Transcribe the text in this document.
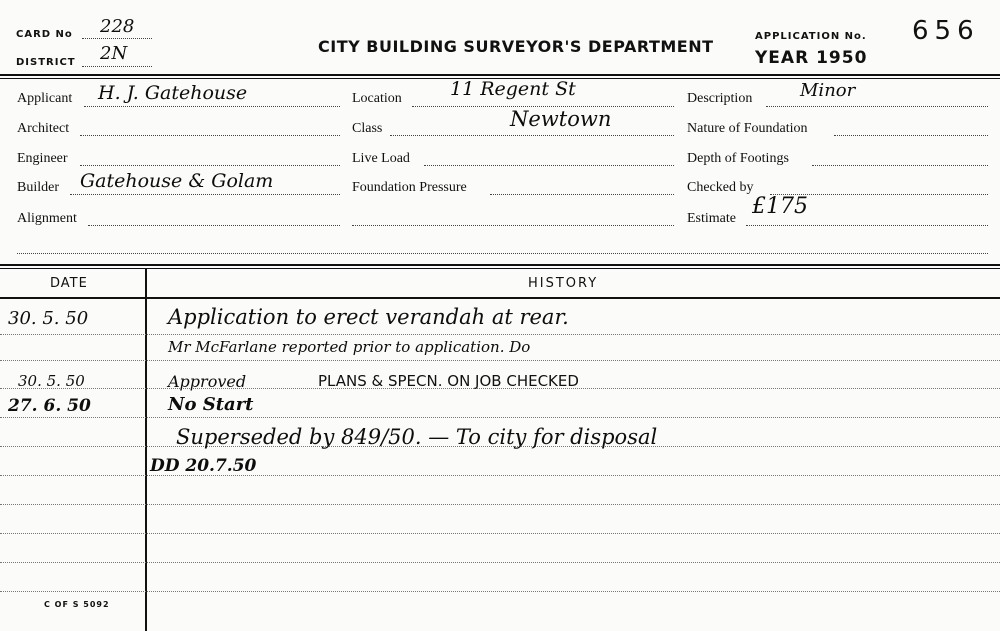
CARD No 228
DISTRICT 2N	CITY BUILDING SURVEYOR'S DEPARTMENT
APPLICATION No. 656
YEAR 1950
Applicant H. J. Gatehouse
Architect
Engineer
Builder Gatehouse & Golam
Alignment
Location	11 Regent St
Class	Newtown
Live Load
Foundation Pressure
Description	Minor
Nature of Foundation
Depth of Footings
Checked by
Estimate £175
DATE	HISTORY
30. 5. 50	Application to erect verandah at rear.
Mr McFarlane reported prior to application. Do
30. 5. 50	Approved	PLANS & SPECN. ON JOB CHECKED
27. 6. 50	No Start
Superseded by 849/50. — To city for disposal
DD 20.7.50
C OF S 5092
